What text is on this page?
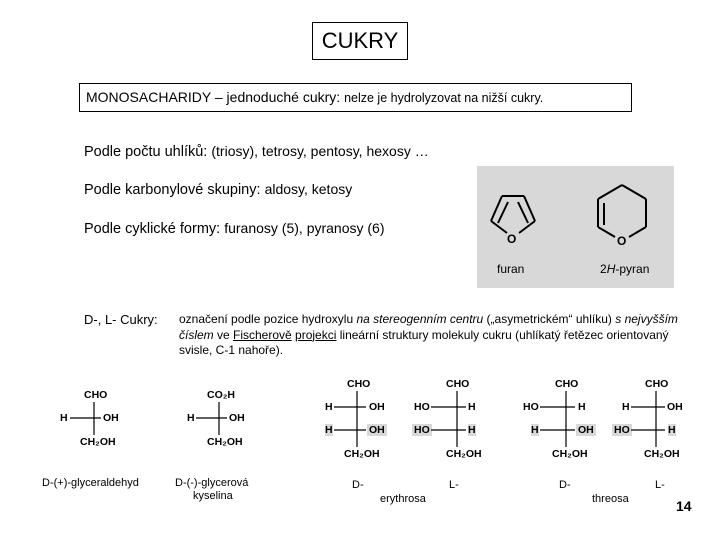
CUKRY
MONOSACHARIDY – jednoduché cukry: nelze je hydrolyzovat na nižší cukry.
Podle počtu uhlíků: (triosy), tetrosy, pentosy, hexosy …
Podle karbonylové skupiny: aldosy, ketosy
Podle cyklické formy: furanosy (5), pyranosy (6)
O	O
furan	2H-pyran
D-, L- Cukry: označení podle pozice hydroxylu na stereogenním centru („asymetrickém“ uhlíku) s nejvyšším číslem ve Fischerově projekci lineární struktury molekuly cukru (uhlíkatý řetězec orientovaný svisle, C-1 nahoře).
CHO
H	OH
CH₂OH
D-(+)-glyceraldehyd
CO₂H
H	OH
CH₂OH
D-(-)-glycerová
kyselina
CHO
H	OH
H	OH
CH₂OH
CHO
HO	H
HO	H
CH₂OH
CHO
HO	H
H	OH
CH₂OH
CHO
H	OH
HO	H
CH₂OH
D-
erythrosa
L-	D-
threosa
L-
14
